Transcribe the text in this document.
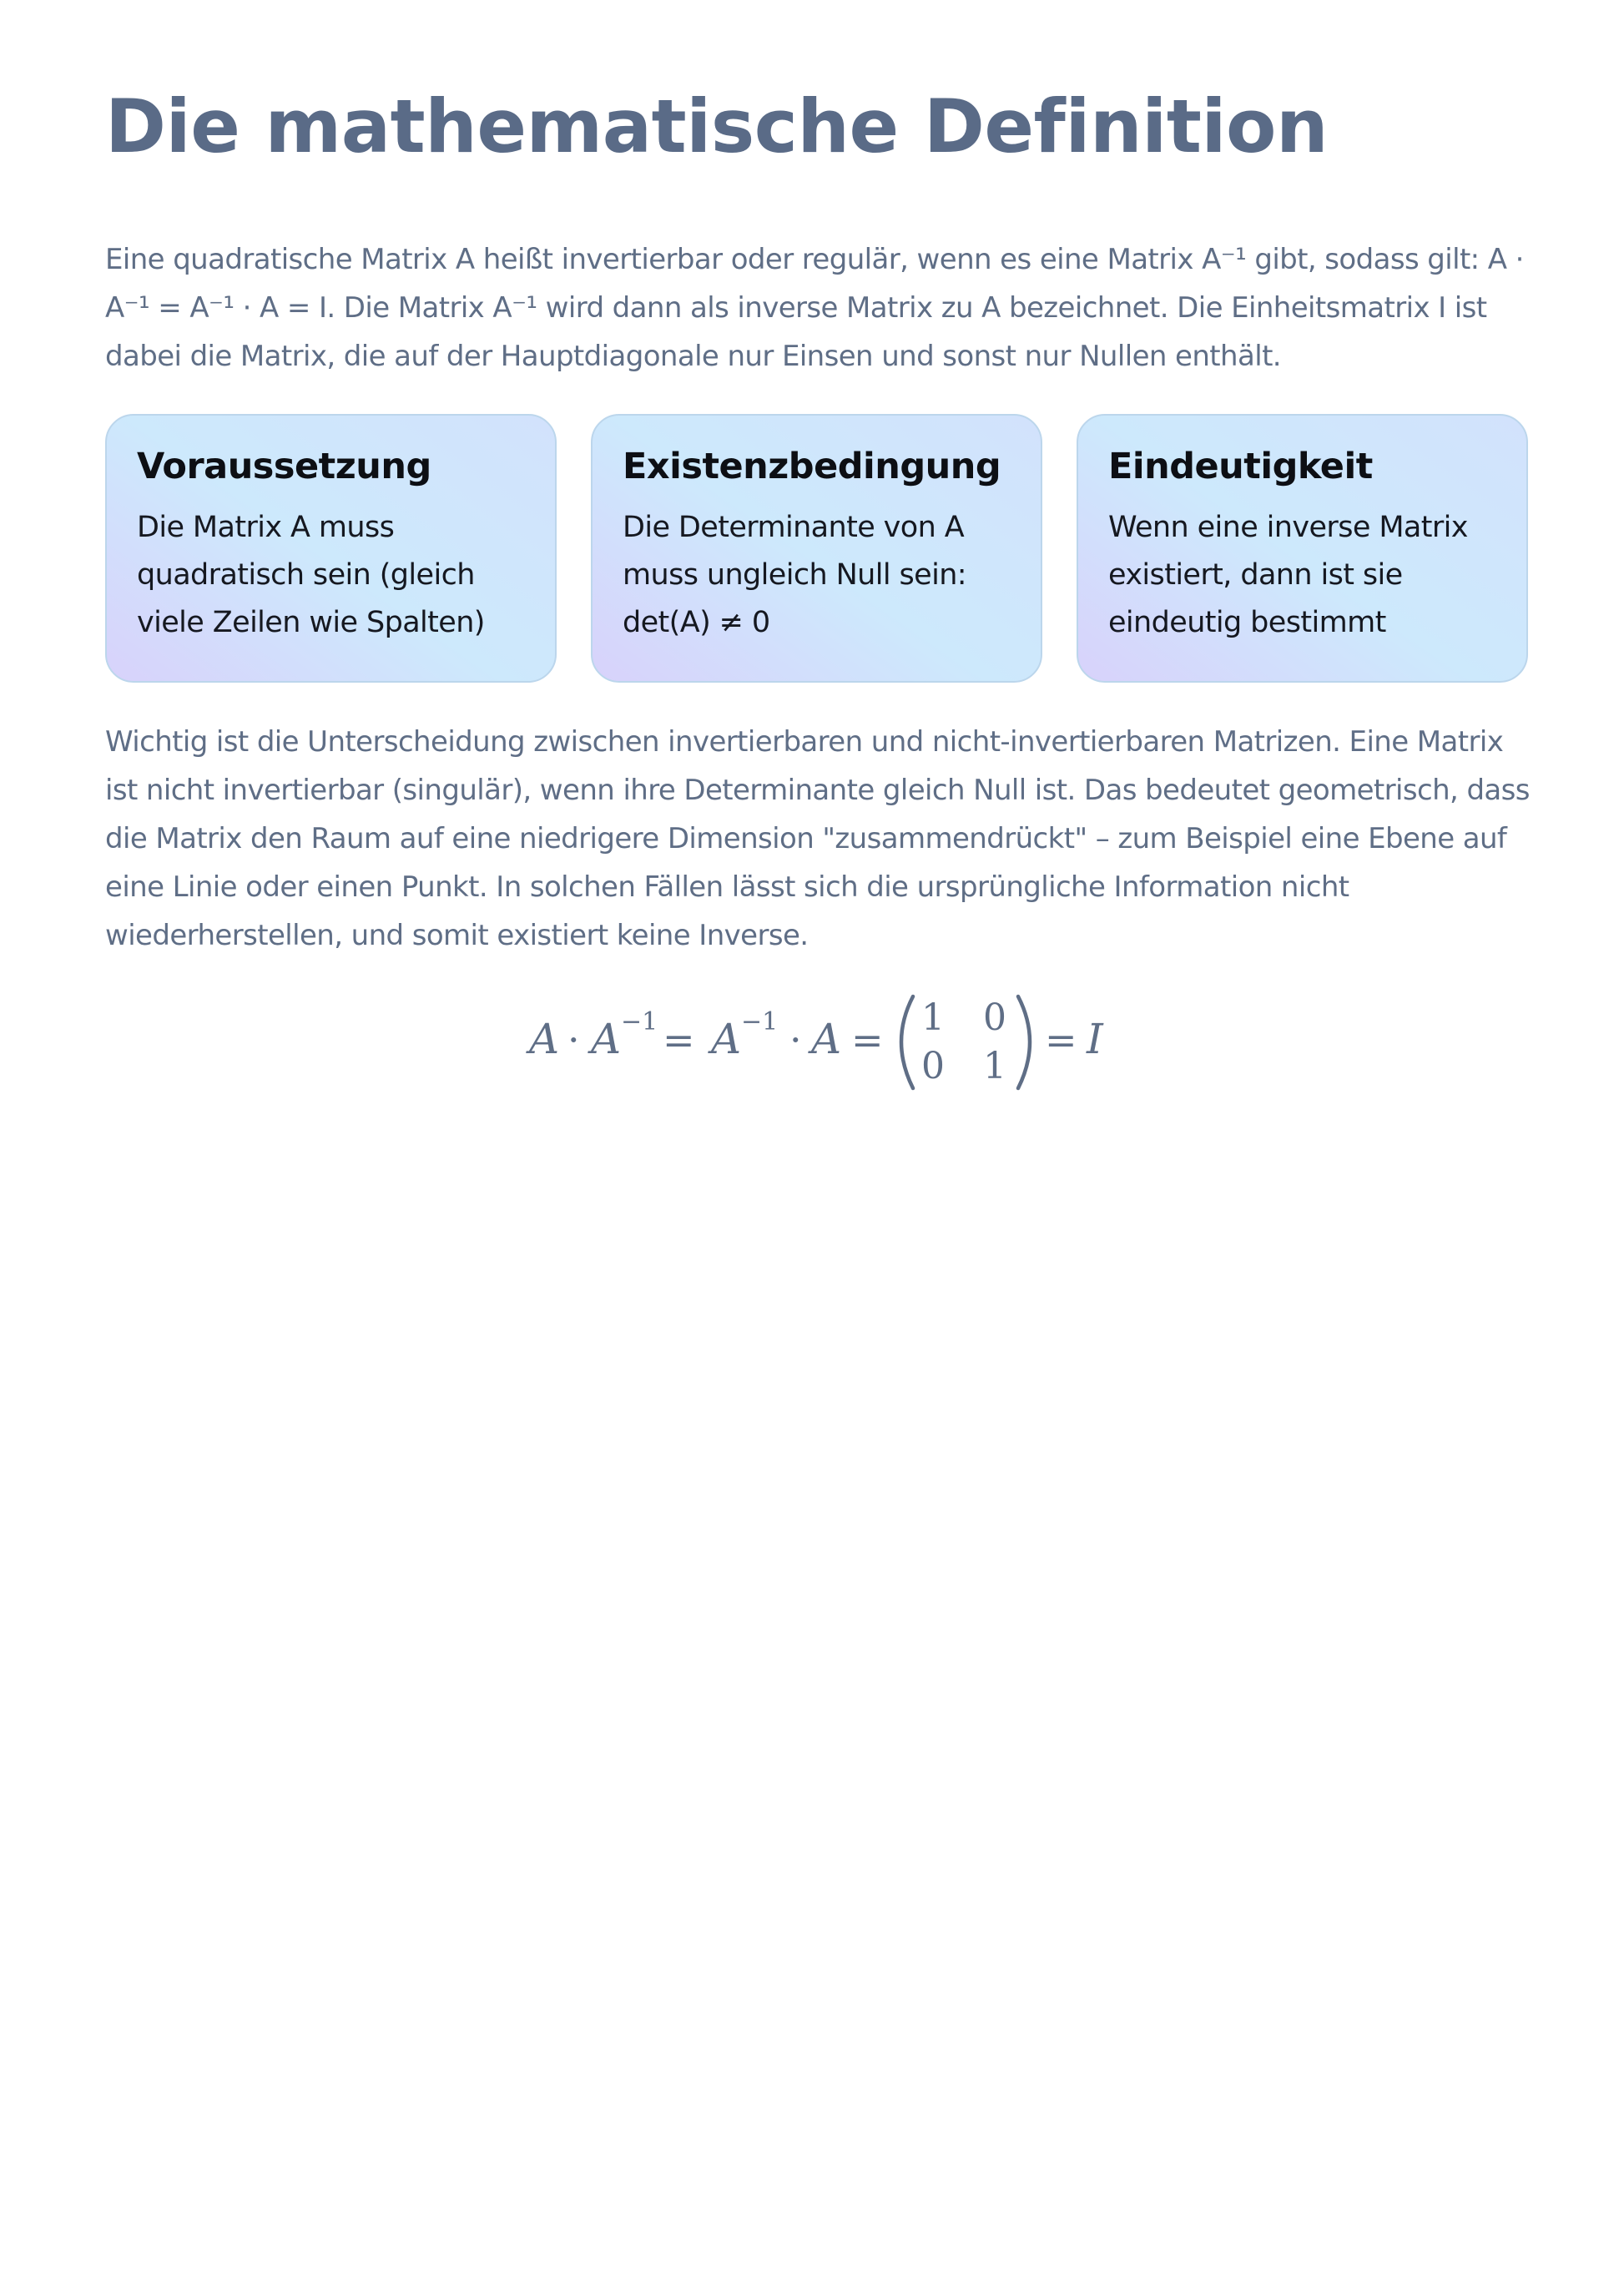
Die mathematische Definition

Eine quadratische Matrix A heißt invertierbar oder regulär, wenn es eine Matrix A⁻¹ gibt, sodass gilt: A · A⁻¹ = A⁻¹ · A = I. Die Matrix A⁻¹ wird dann als inverse Matrix zu A bezeichnet. Die Einheitsmatrix I ist dabei die Matrix, die auf der Hauptdiagonale nur Einsen und sonst nur Nullen enthält.

Voraussetzung

Die Matrix A muss quadratisch sein (gleich viele Zeilen wie Spalten)

Existenzbedingung

Die Determinante von A muss ungleich Null sein: det(A) ≠ 0

Eindeutigkeit

Wenn eine inverse Matrix existiert, dann ist sie eindeutig bestimmt

Wichtig ist die Unterscheidung zwischen invertierbaren und nicht-invertierbaren Matrizen. Eine Matrix ist nicht invertierbar (singulär), wenn ihre Determinante gleich Null ist. Das bedeutet geometrisch, dass die Matrix den Raum auf eine niedrigere Dimension "zusammendrückt" – zum Beispiel eine Ebene auf eine Linie oder einen Punkt. In solchen Fällen lässt sich die ursprüngliche Information nicht wiederherstellen, und somit existiert keine Inverse.

A · A −1 = A −1 · A = 1 0
0 1
= I
